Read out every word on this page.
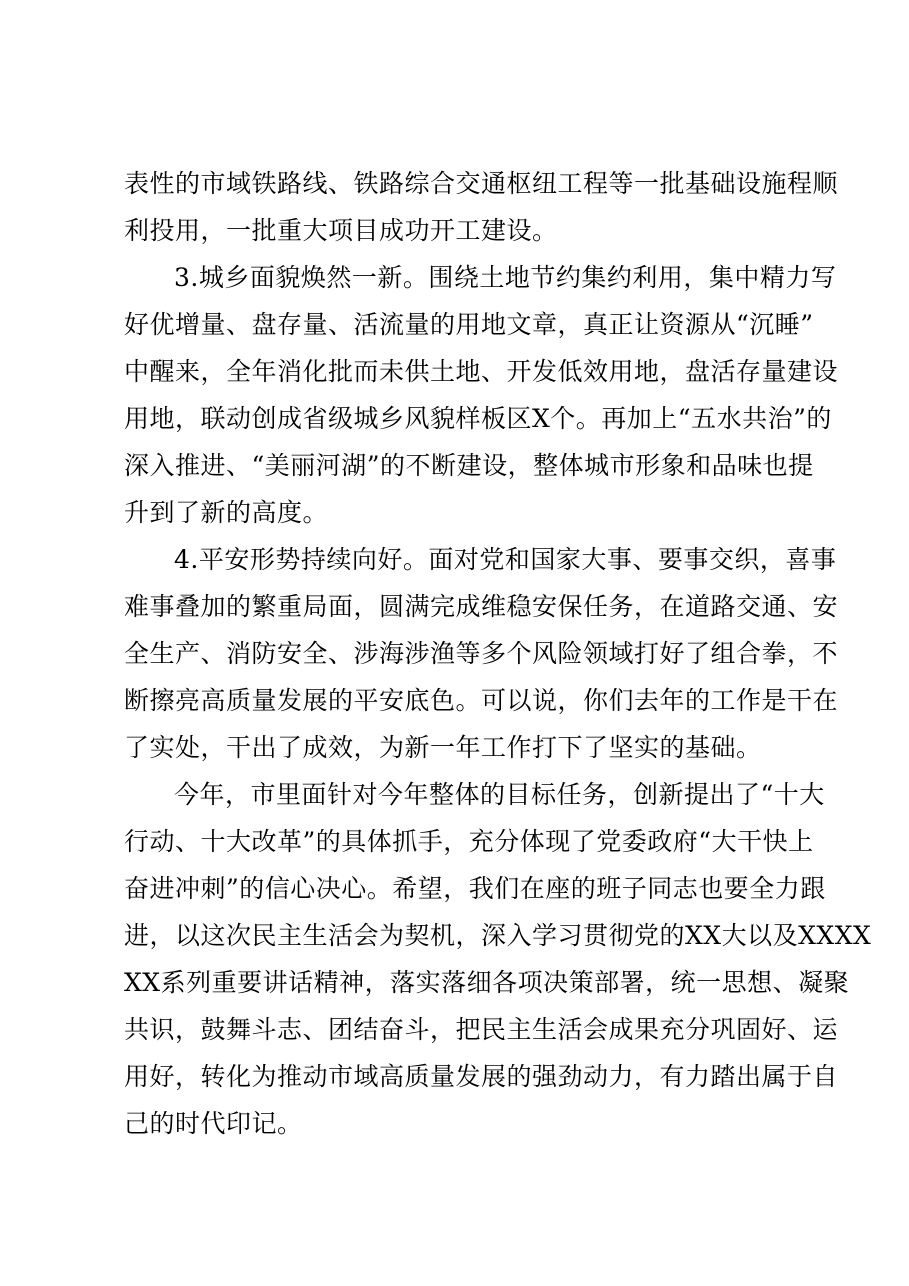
表性的市域铁路线、铁路综合交通枢纽工程等一批基础设施程顺
利投用，一批重大项目成功开工建设。
3.城乡面貌焕然一新。围绕土地节约集约利用，集中精力写
好优增量、盘存量、活流量的用地文章，真正让资源从“沉睡”
中醒来，全年消化批而未供土地、开发低效用地，盘活存量建设
用地，联动创成省级城乡风貌样板区X个。再加上“五水共治”的
深入推进、“美丽河湖”的不断建设，整体城市形象和品味也提
升到了新的高度。
4.平安形势持续向好。面对党和国家大事、要事交织，喜事
难事叠加的繁重局面，圆满完成维稳安保任务，在道路交通、安
全生产、消防安全、涉海涉渔等多个风险领域打好了组合拳，不
断擦亮高质量发展的平安底色。可以说，你们去年的工作是干在
了实处，干出了成效，为新一年工作打下了坚实的基础。
今年，市里面针对今年整体的目标任务，创新提出了“十大
行动、十大改革”的具体抓手，充分体现了党委政府“大干快上
奋进冲刺”的信心决心。希望，我们在座的班子同志也要全力跟
进，以这次民主生活会为契机，深入学习贯彻党的XX大以及XXXX
XX系列重要讲话精神，落实落细各项决策部署，统一思想、凝聚
共识，鼓舞斗志、团结奋斗，把民主生活会成果充分巩固好、运
用好，转化为推动市域高质量发展的强劲动力，有力踏出属于自
己的时代印记。
